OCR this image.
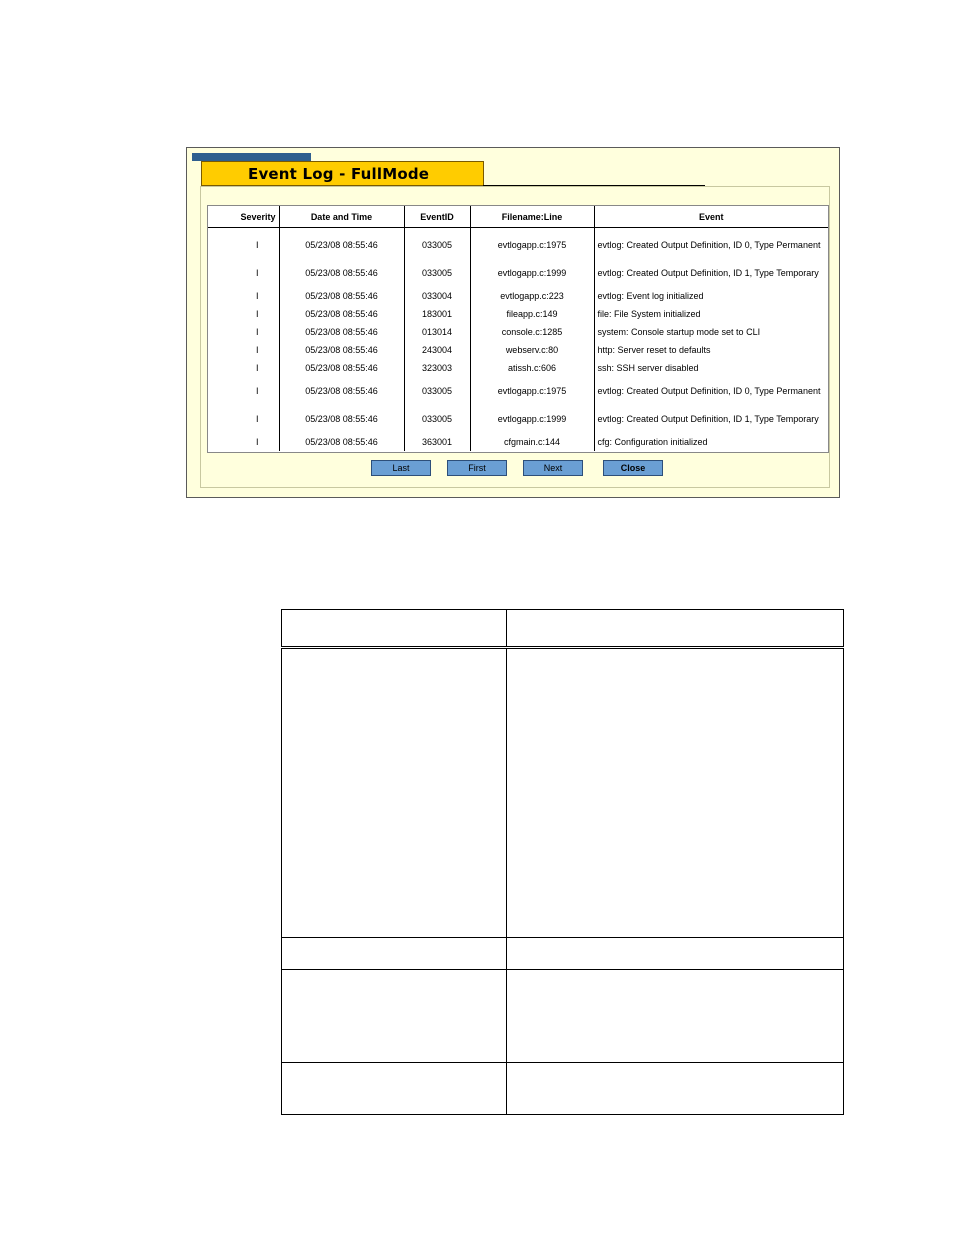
Event Log - FullMode
Severity	Date and Time	EventID	Filename:Line	Event
I	05/23/08 08:55:46	033005	evtlogapp.c:1975	evtlog: Created Output Definition, ID 0, Type Permanent
I	05/23/08 08:55:46	033005	evtlogapp.c:1999	evtlog: Created Output Definition, ID 1, Type Temporary
I	05/23/08 08:55:46	033004	evtlogapp.c:223	evtlog: Event log initialized
I	05/23/08 08:55:46	183001	fileapp.c:149	file: File System initialized
I	05/23/08 08:55:46	013014	console.c:1285	system: Console startup mode set to CLI
I	05/23/08 08:55:46	243004	webserv.c:80	http: Server reset to defaults
I	05/23/08 08:55:46	323003	atissh.c:606	ssh: SSH server disabled
I	05/23/08 08:55:46	033005	evtlogapp.c:1975	evtlog: Created Output Definition, ID 0, Type Permanent
I	05/23/08 08:55:46	033005	evtlogapp.c:1999	evtlog: Created Output Definition, ID 1, Type Temporary
I	05/23/08 08:55:46	363001	cfgmain.c:144	cfg: Configuration initialized
Last	First	Next	Close
